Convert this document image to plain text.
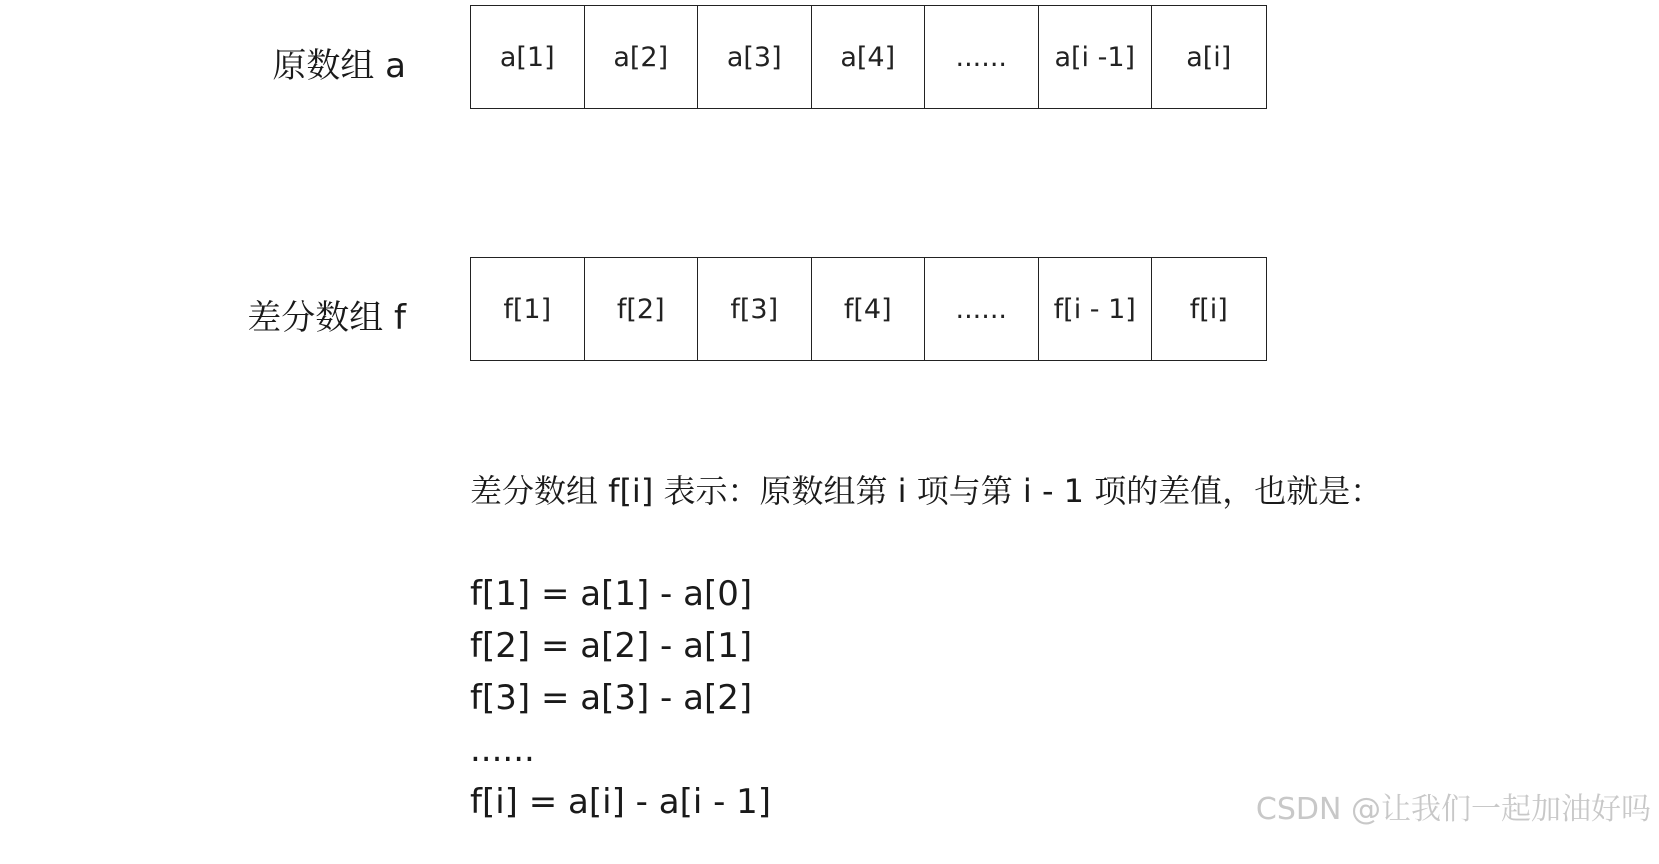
原数组 a	a[1]	a[2]	a[3]	a[4]	......	a[i -1]	a[i]
差分数组 f	f[1]	f[2]	f[3]	f[4]	......	f[i - 1]	f[i]
差分数组 f[i] 表示：原数组第 i 项与第 i - 1 项的差值，也就是：
f[1] = a[1] - a[0]
f[2] = a[2] - a[1]
f[3] = a[3] - a[2]
......
f[i] = a[i] - a[i - 1]	CSDN @让我们一起加油好吗
